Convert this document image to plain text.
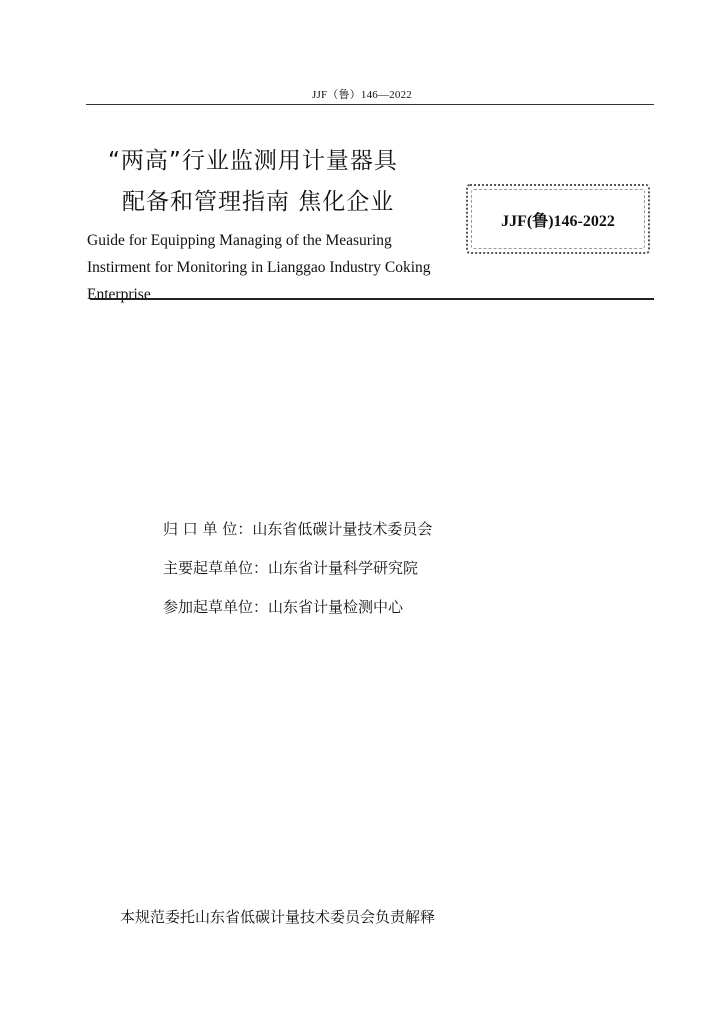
JJF（鲁）146—2022
“两高”行业监测用计量器具
配备和管理指南 焦化企业
Guide for Equipping Managing of the Measuring Instirment for Monitoring in Lianggao Industry Coking Enterprise
JJF(鲁)146-2022
归 口 单 位：山东省低碳计量技术委员会
主要起草单位：山东省计量科学研究院
参加起草单位：山东省计量检测中心
本规范委托山东省低碳计量技术委员会负责解释
